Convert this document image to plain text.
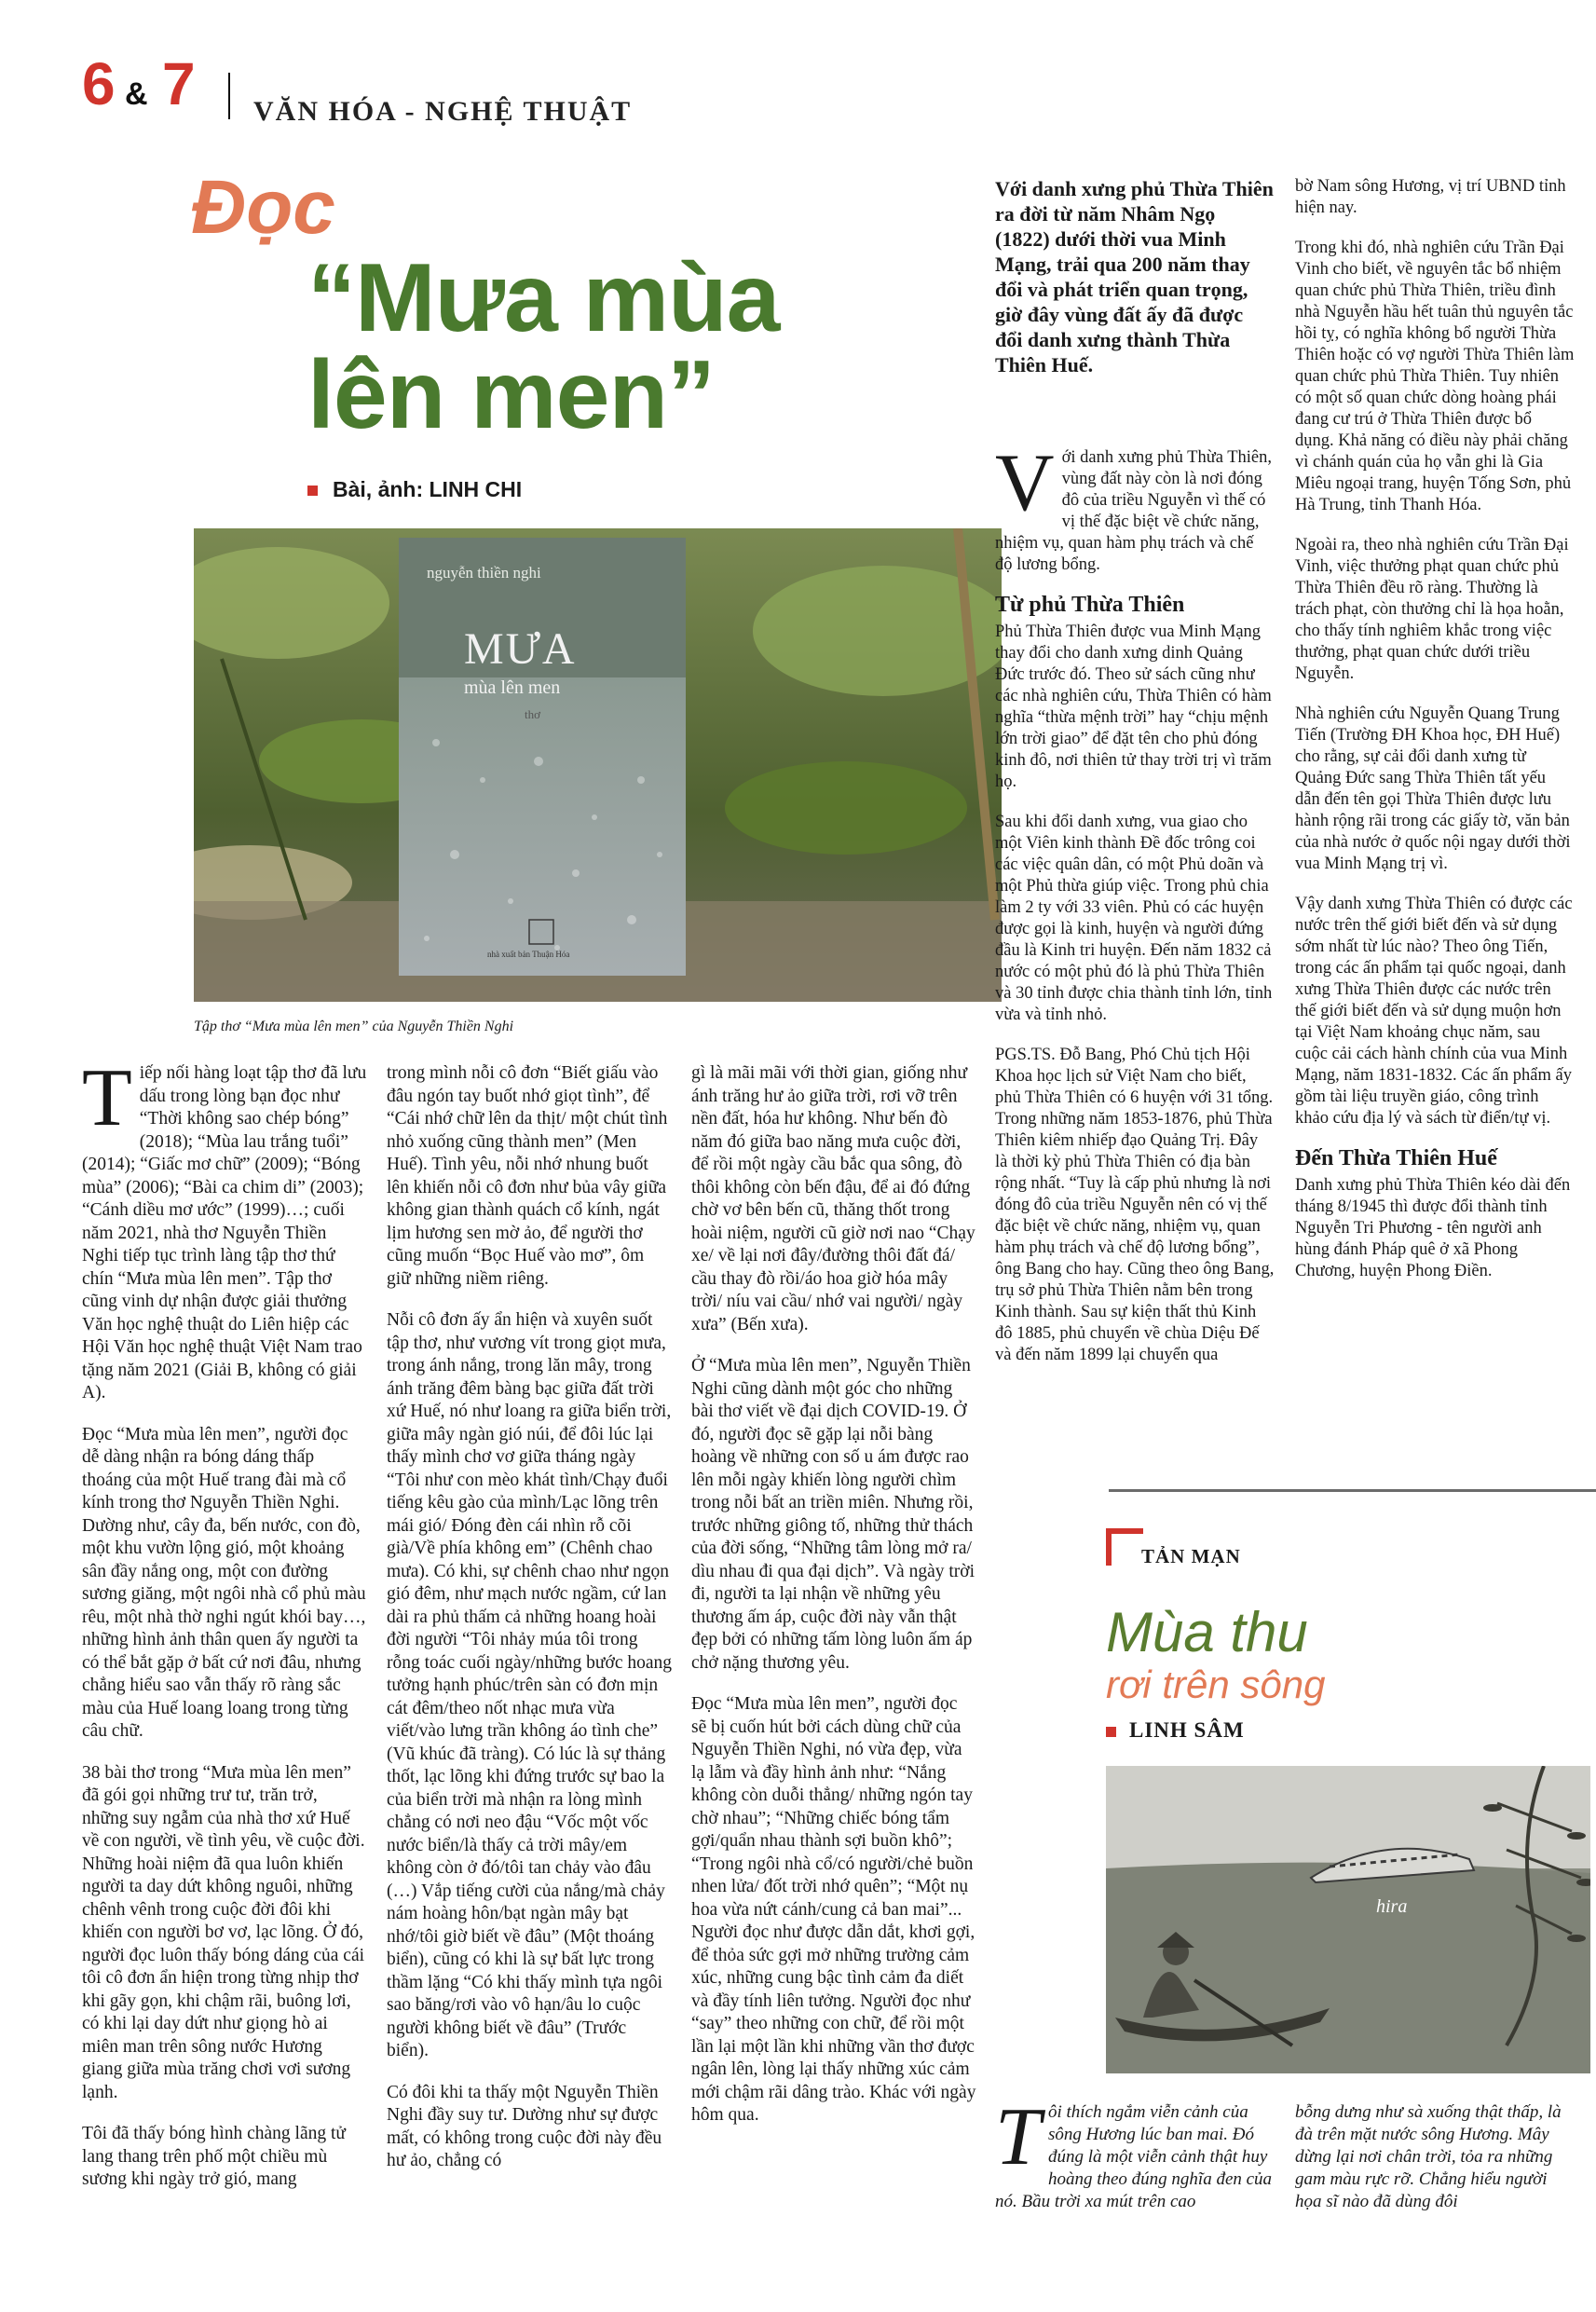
6 & 7 VĂN HÓA - NGHỆ THUẬT
Đọc
“Mưa mùa lên men”
Bài, ảnh: LINH CHI
nguyễn thiền nghi
MƯA
mùa lên men
thơ
nhà xuất bản Thuận Hóa
Tập thơ “Mưa mùa lên men” của Nguyễn Thiền Nghi
Với danh xưng phủ Thừa Thiên ra đời từ năm Nhâm Ngọ (1822) dưới thời vua Minh Mạng, trải qua 200 năm thay đổi và phát triển quan trọng, giờ đây vùng đất ấy đã được đổi danh xưng thành Thừa Thiên Huế.

Tiếp nối hàng loạt tập thơ đã lưu dấu trong lòng bạn đọc như “Thời không sao chép bóng” (2018); “Mùa lau trắng tuổi” (2014); “Giấc mơ chữ” (2009); “Bóng mùa” (2006); “Bài ca chim di” (2003); “Cánh diều mơ ước” (1999)…; cuối năm 2021, nhà thơ Nguyễn Thiền Nghi tiếp tục trình làng tập thơ thứ chín “Mưa mùa lên men”. Tập thơ cũng vinh dự nhận được giải thưởng Văn học nghệ thuật do Liên hiệp các Hội Văn học nghệ thuật Việt Nam trao tặng năm 2021 (Giải B, không có giải A).

Đọc “Mưa mùa lên men”, người đọc dễ dàng nhận ra bóng dáng thấp thoáng của một Huế trang đài mà cổ kính trong thơ Nguyễn Thiền Nghi. Dường như, cây đa, bến nước, con đò, một khu vườn lộng gió, một khoảng sân đầy nắng ong, một con đường sương giăng, một ngôi nhà cổ phủ màu rêu, một nhà thờ nghi ngút khói bay…, những hình ảnh thân quen ấy người ta có thể bắt gặp ở bất cứ nơi đâu, nhưng chẳng hiểu sao vẫn thấy rõ ràng sắc màu của Huế loang loang trong từng câu chữ.

38 bài thơ trong “Mưa mùa lên men” đã gói gọi những trư tư, trăn trở, những suy ngẫm của nhà thơ xứ Huế về con người, về tình yêu, về cuộc đời. Những hoài niệm đã qua luôn khiến người ta day dứt không nguôi, những chênh vênh trong cuộc đời đôi khi khiến con người bơ vơ, lạc lõng. Ở đó, người đọc luôn thấy bóng dáng của cái tôi cô đơn ẩn hiện trong từng nhịp thơ khi gãy gọn, khi chậm rãi, buông lơi, có khi lại day dứt như giọng hò ai miên man trên sông nước Hương giang giữa mùa trăng chơi vơi sương lạnh.

Tôi đã thấy bóng hình chàng lãng tử lang thang trên phố một chiều mù sương khi ngày trở gió, mang

trong mình nỗi cô đơn “Biết giấu vào đâu ngón tay buốt nhớ giọt tình”, để “Cái nhớ chữ lên da thịt/ một chút tình nhỏ xuống cũng thành men” (Men Huế). Tình yêu, nỗi nhớ nhung buốt lên khiến nỗi cô đơn như bủa vây giữa không gian thành quách cổ kính, ngát lịm hương sen mờ ảo, để người thơ cũng muốn “Bọc Huế vào mơ”, ôm giữ những niềm riêng.

Nỗi cô đơn ấy ẩn hiện và xuyên suốt tập thơ, như vương vít trong giọt mưa, trong ánh nắng, trong lăn mây, trong ánh trăng đêm bàng bạc giữa đất trời xứ Huế, nó như loang ra giữa biển trời, giữa mây ngàn gió núi, để đôi lúc lại thấy mình chơ vơ giữa tháng ngày “Tôi như con mèo khát tình/Chạy đuổi tiếng kêu gào của mình/Lạc lõng trên mái gió/ Đóng đèn cái nhìn rỗ cõi già/Về phía không em” (Chênh chao mưa). Có khi, sự chênh chao như ngọn gió đêm, như mạch nước ngầm, cứ lan dài ra phủ thấm cả những hoang hoài đời người “Tôi nhảy múa tôi trong rỗng toác cuối ngày/những bước hoang tưởng hạnh phúc/trên sàn có đơn mịn cát đêm/theo nốt nhạc mưa vừa viết/vào lưng trần không áo tình che” (Vũ khúc đã tràng). Có lúc là sự thảng thốt, lạc lõng khi đứng trước sự bao la của biển trời mà nhận ra lòng mình chẳng có nơi neo đậu “Vốc một vốc nước biển/là thấy cả trời mây/em không còn ở đó/tôi tan chảy vào đâu (…) Vắp tiếng cười của nắng/mà chảy nám hoàng hôn/bạt ngàn mây bạt nhớ/tôi giờ biết về đâu” (Một thoáng biển), cũng có khi là sự bất lực trong thầm lặng “Có khi thấy mình tựa ngôi sao băng/rơi vào vô hạn/âu lo cuộc người không biết về đâu” (Trước biển).

Có đôi khi ta thấy một Nguyễn Thiền Nghi đầy suy tư. Dường như sự được mất, có không trong cuộc đời này đều hư ảo, chẳng có

gì là mãi mãi với thời gian, giống như ánh trăng hư ảo giữa trời, rơi vỡ trên nền đất, hóa hư không. Như bến đò năm đó giữa bao năng mưa cuộc đời, để rồi một ngày cầu bắc qua sông, đò thôi không còn bến đậu, để ai đó đứng chờ vơ bên bến cũ, thăng thốt trong hoài niệm, người cũ giờ nơi nao “Chạy xe/ về lại nơi đây/đường thôi đất đá/ cầu thay đò rồi/áo hoa giờ hóa mây trời/ níu vai cầu/ nhớ vai người/ ngày xưa” (Bến xưa).

Ở “Mưa mùa lên men”, Nguyễn Thiền Nghi cũng dành một góc cho những bài thơ viết về đại dịch COVID-19. Ở đó, người đọc sẽ gặp lại nỗi bàng hoàng về những con số u ám được rao lên mỗi ngày khiến lòng người chìm trong nỗi bất an triền miên. Nhưng rồi, trước những giông tố, những thử thách của đời sống, “Những tâm lòng mở ra/ dìu nhau đi qua đại dịch”. Và ngày trời đi, người ta lại nhận về những yêu thương ấm áp, cuộc đời này vẫn thật đẹp bởi có những tấm lòng luôn ấm áp chở nặng thương yêu.

Đọc “Mưa mùa lên men”, người đọc sẽ bị cuốn hút bởi cách dùng chữ của Nguyễn Thiền Nghi, nó vừa đẹp, vừa lạ lẫm và đầy hình ảnh như: “Nắng không còn duỗi thẳng/ những ngón tay chờ nhau”; “Những chiếc bóng tẩm gợi/quẩn nhau thành sợi buồn khô”; “Trong ngôi nhà cổ/có người/chẻ buồn nhen lửa/ đốt trời nhớ quên”; “Một nụ hoa vừa nứt cánh/cung cả ban mai”... Người đọc như được dẫn dắt, khơi gợi, để thỏa sức gợi mở những trường cảm xúc, những cung bậc tình cảm đa diết và đầy tính liên tưởng. Người đọc như “say” theo những con chữ, để rồi một lần lại một lần khi những vần thơ được ngân lên, lòng lại thấy những xúc cảm mới chậm rãi dâng trào. Khác với ngày hôm qua.

Với danh xưng phủ Thừa Thiên, vùng đất này còn là nơi đóng đô của triều Nguyễn vì thế có vị thế đặc biệt về chức năng, nhiệm vụ, quan hàm phụ trách và chế độ lương bổng.

Từ phủ Thừa Thiên

Phủ Thừa Thiên được vua Minh Mạng thay đổi cho danh xưng dinh Quảng Đức trước đó. Theo sử sách cũng như các nhà nghiên cứu, Thừa Thiên có hàm nghĩa “thừa mệnh trời” hay “chịu mệnh lớn trời giao” để đặt tên cho phủ đóng kinh đô, nơi thiên tử thay trời trị vì trăm họ.

Sau khi đổi danh xưng, vua giao cho một Viên kinh thành Đề đốc trông coi các việc quân dân, có một Phủ doãn và một Phủ thừa giúp việc. Trong phủ chia làm 2 ty với 33 viên. Phủ có các huyện được gọi là kinh, huyện và người đứng đầu là Kinh tri huyện. Đến năm 1832 cả nước có một phủ đó là phủ Thừa Thiên và 30 tỉnh được chia thành tỉnh lớn, tỉnh vừa và tỉnh nhỏ.

PGS.TS. Đỗ Bang, Phó Chủ tịch Hội Khoa học lịch sử Việt Nam cho biết, phủ Thừa Thiên có 6 huyện với 31 tổng. Trong những năm 1853-1876, phủ Thừa Thiên kiêm nhiếp đạo Quảng Trị. Đây là thời kỳ phủ Thừa Thiên có địa bàn rộng nhất. “Tuy là cấp phủ nhưng là nơi đóng đô của triều Nguyễn nên có vị thế đặc biệt về chức năng, nhiệm vụ, quan hàm phụ trách và chế độ lương bổng”, ông Bang cho hay. Cũng theo ông Bang, trụ sở phủ Thừa Thiên nằm bên trong Kinh thành. Sau sự kiện thất thủ Kinh đô 1885, phủ chuyển về chùa Diệu Đế và đến năm 1899 lại chuyển qua

bờ Nam sông Hương, vị trí UBND tỉnh hiện nay.

Trong khi đó, nhà nghiên cứu Trần Đại Vinh cho biết, về nguyên tắc bổ nhiệm quan chức phủ Thừa Thiên, triều đình nhà Nguyễn hầu hết tuân thủ nguyên tắc hồi tỵ, có nghĩa không bổ người Thừa Thiên hoặc có vợ người Thừa Thiên làm quan chức phủ Thừa Thiên. Tuy nhiên có một số quan chức dòng hoàng phái đang cư trú ở Thừa Thiên được bổ dụng. Khả năng có điều này phải chăng vì chánh quán của họ vẫn ghi là Gia Miêu ngoại trang, huyện Tống Sơn, phủ Hà Trung, tỉnh Thanh Hóa.

Ngoài ra, theo nhà nghiên cứu Trần Đại Vinh, việc thưởng phạt quan chức phủ Thừa Thiên đều rõ ràng. Thường là trách phạt, còn thưởng chỉ là họa hoằn, cho thấy tính nghiêm khắc trong việc thưởng, phạt quan chức dưới triều Nguyễn.

Nhà nghiên cứu Nguyễn Quang Trung Tiến (Trường ĐH Khoa học, ĐH Huế) cho rằng, sự cải đổi danh xưng từ Quảng Đức sang Thừa Thiên tất yếu dẫn đến tên gọi Thừa Thiên được lưu hành rộng rãi trong các giấy tờ, văn bản của nhà nước ở quốc nội ngay dưới thời vua Minh Mạng trị vì.

Vậy danh xưng Thừa Thiên có được các nước trên thế giới biết đến và sử dụng sớm nhất từ lúc nào? Theo ông Tiến, trong các ấn phẩm tại quốc ngoại, danh xưng Thừa Thiên được các nước trên thế giới biết đến và sử dụng muộn hơn tại Việt Nam khoảng chục năm, sau cuộc cải cách hành chính của vua Minh Mạng, năm 1831-1832. Các ấn phẩm ấy gồm tài liệu truyền giáo, công trình khảo cứu địa lý và sách từ điển/tự vị.

Đến Thừa Thiên Huế

Danh xưng phủ Thừa Thiên kéo dài đến tháng 8/1945 thì được đổi thành tỉnh Nguyễn Tri Phương - tên người anh hùng đánh Pháp quê ở xã Phong Chương, huyện Phong Điền.

TẢN MẠN
Mùa thu
rơi trên sông
LINH SÂM
hira
Tôi thích ngắm viễn cảnh của sông Hương lúc ban mai. Đó đúng là một viễn cảnh thật huy hoàng theo đúng nghĩa đen của nó. Bầu trời xa mút trên cao
bỗng dưng như sà xuống thật thấp, là đà trên mặt nước sông Hương. Mây dừng lại nơi chân trời, tỏa ra những gam màu rực rỡ. Chẳng hiểu người họa sĩ nào đã dùng đôi
